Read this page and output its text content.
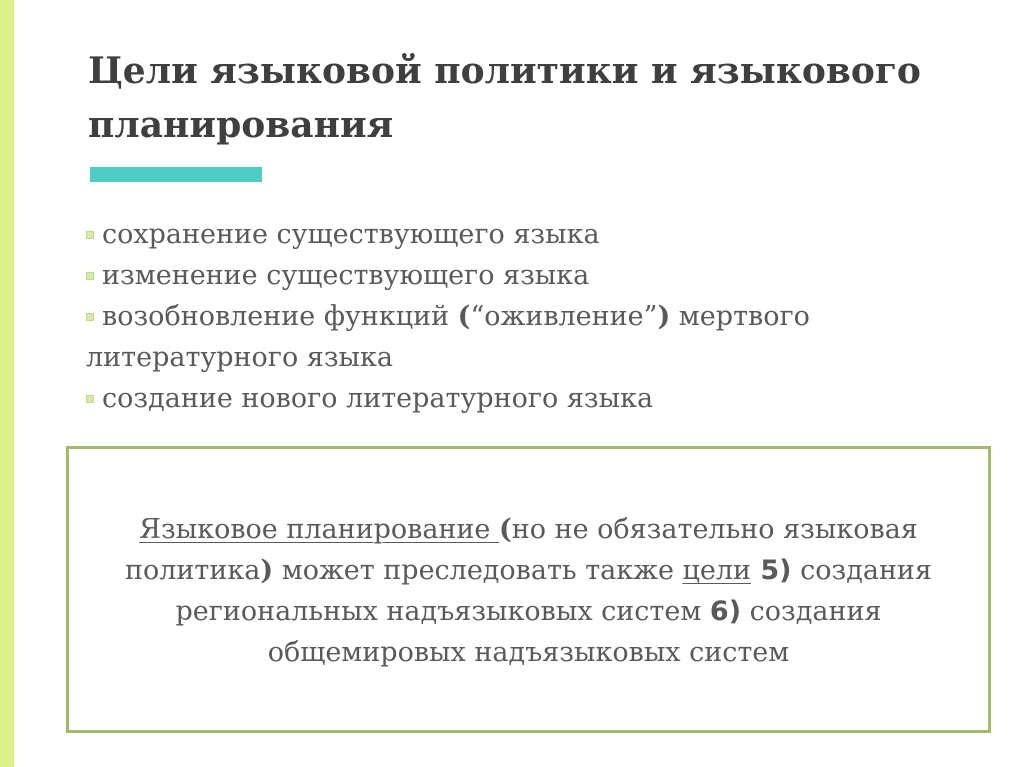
Цели языковой политики и языкового
планирования
сохранение существующего языка
изменение существующего языка
возобновление функций (“оживление”) мертвого литературного языка
создание нового литературного языка

Языковое планирование (но не обязательно языковая политика) может преследовать также цели 5) создания региональных надъязыковых систем 6) создания общемировых надъязыковых систем
